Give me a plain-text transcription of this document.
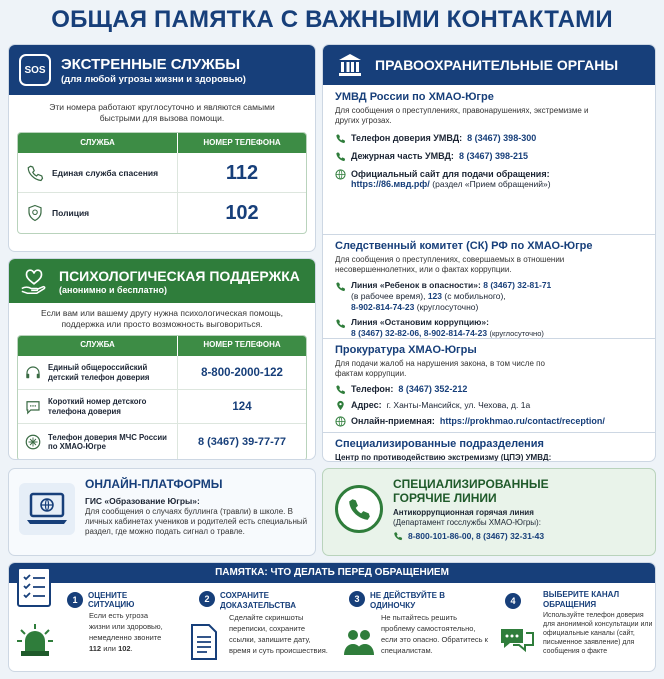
ОБЩАЯ ПАМЯТКА С ВАЖНЫМИ КОНТАКТАМИ
SOS	ЭКСТРЕННЫЕ СЛУЖБЫ
(для любой угрозы жизни и здоровью)
Эти номера работают круглосуточно и являются самыми быстрыми для вызова помощи.
СЛУЖБА	НОМЕР ТЕЛЕФОНА
Единая служба спасения	112
Полиция	102
ПСИХОЛОГИЧЕСКАЯ ПОДДЕРЖКА
(анонимно и бесплатно)
Если вам или вашему другу нужна психологическая помощь, поддержка или просто возможность выговориться.
СЛУЖБА	НОМЕР ТЕЛЕФОНА
Единый общероссийский детский телефон доверия	8-800-2000-122
Короткий номер детского телефона доверия	124
Телефон доверия МЧС России по ХМАО-Югре	8 (3467) 39-77-77
ПРАВООХРАНИТЕЛЬНЫЕ ОРГАНЫ
УМВД России по ХМАО-Югре
Для сообщения о преступлениях, правонарушениях, экстремизме и других угрозах.
Телефон доверия УМВД: 8 (3467) 398-300
Дежурная часть УМВД: 8 (3467) 398-215
Официальный сайт для подачи обращения:
https://86.мвд.рф/ (раздел «Прием обращений»)
Следственный комитет (СК) РФ по ХМАО-Югре
Для сообщения о преступлениях, совершаемых в отношении несовершеннолетних, или о фактах коррупции.
Линия «Ребенок в опасности»: 8 (3467) 32-81-71
(в рабочее время), 123 (с мобильного),
8-902-814-74-23 (круглосуточно)
Линия «Остановим коррупцию»:
8 (3467) 32-82-06, 8-902-814-74-23 (круглосуточно)
Прокуратура ХМАО-Югры
Для подачи жалоб на нарушения закона, в том числе по фактам коррупции.
Телефон: 8 (3467) 352-212
Адрес: г. Ханты-Мансийск, ул. Чехова, д. 1а
Онлайн-приемная: https://prokhmao.ru/contact/reception/
Специализированные подразделения
Центр по противодействию экстремизму (ЦПЭ) УМВД:
ОНЛАЙН-ПЛАТФОРМЫ
ГИС «Образование Югры»:
Для сообщения о случаях буллинга (травли) в школе. В личных кабинетах учеников и родителей есть специальный раздел, где можно подать сигнал о травле.
СПЕЦИАЛИЗИРОВАННЫЕ
ГОРЯЧИЕ ЛИНИИ
Антикоррупционная горячая линия
(Департамент госслужбы ХМАО-Югры):
8-800-101-86-00, 8 (3467) 32-31-43
ПАМЯТКА: ЧТО ДЕЛАТЬ ПЕРЕД ОБРАЩЕНИЕМ
1	ОЦЕНИТЕ СИТУАЦИЮ
Если есть угроза жизни или здоровью, немедленно звоните 112 или 102.
2	СОХРАНИТЕ ДОКАЗАТЕЛЬСТВА
Сделайте скриншоты переписки, сохраните ссылки, запишите дату, время и суть происшествия.
3	НЕ ДЕЙСТВУЙТЕ В ОДИНОЧКУ
Не пытайтесь решить проблему самостоятельно, если это опасно. Обратитесь к специалистам.
4
ВЫБЕРИТЕ КАНАЛ ОБРАЩЕНИЯ
Используйте телефон доверия для анонимной консультации или официальные каналы (сайт, письменное заявление) для сообщения о факте
